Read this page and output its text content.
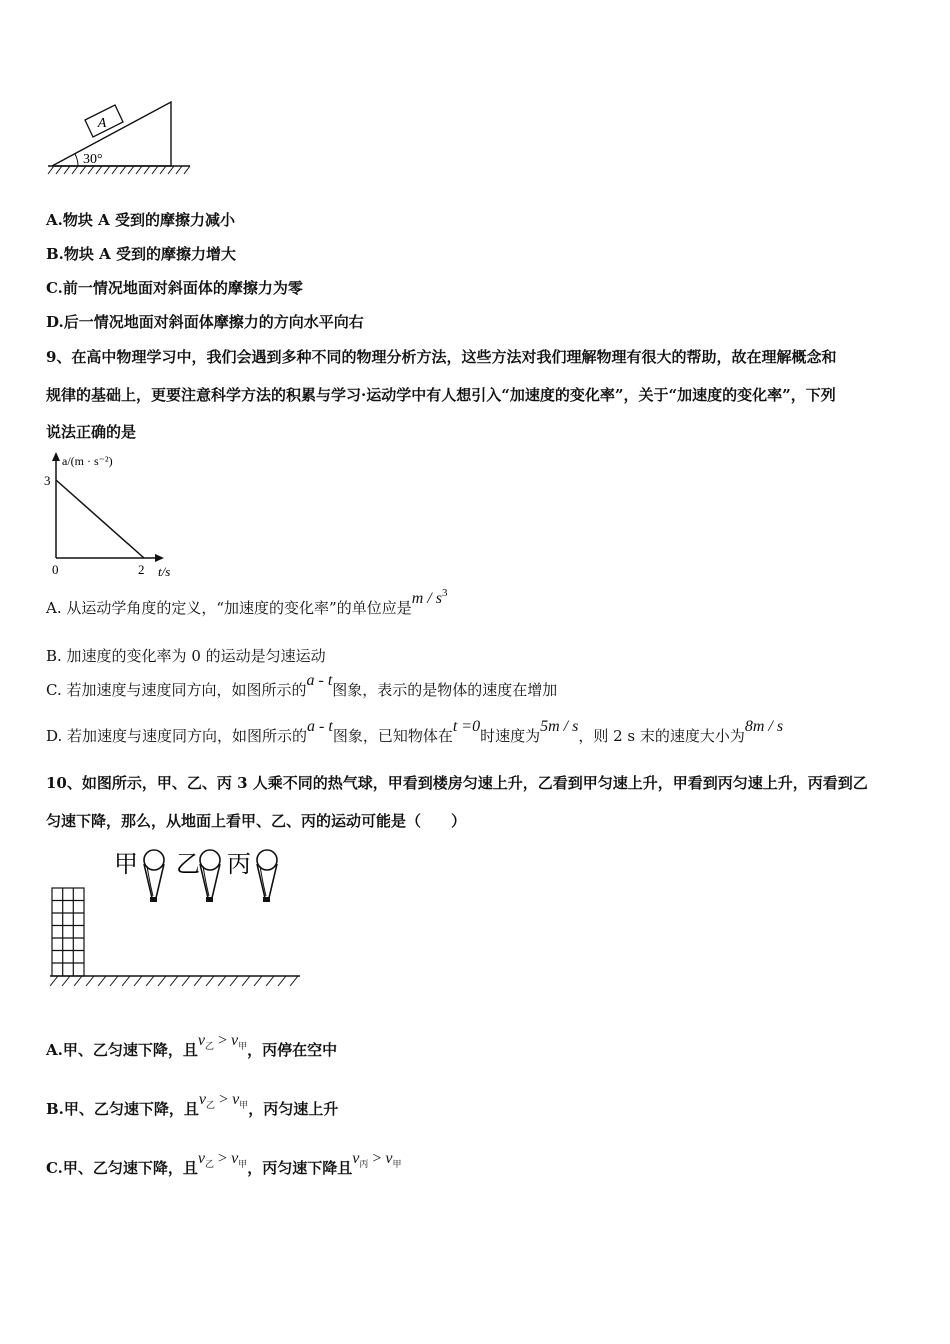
A
30°
A.物块 A 受到的摩擦力减小
B.物块 A 受到的摩擦力增大
C.前一情况地面对斜面体的摩擦力为零
D.后一情况地面对斜面体摩擦力的方向水平向右
9、在高中物理学习中，我们会遇到多种不同的物理分析方法，这些方法对我们理解物理有很大的帮助，故在理解概念和
规律的基础上，更要注意科学方法的积累与学习·运动学中有人想引入“加速度的变化率”，关于“加速度的变化率”，下列
说法正确的是
a/(m · s⁻²)
3
0	2 t/s
A. 从运动学角度的定义，“加速度的变化率”的单位应是m / $s^3$
B. 加速度的变化率为 0 的运动是匀速运动
C. 若加速度与速度同方向，如图所示的a - t图象，表示的是物体的速度在增加
D. 若加速度与速度同方向，如图所示的a - t图象，已知物体在t =0时速度为5m / s，则 2 s 末的速度大小为8m / s
10、如图所示，甲、乙、丙 3 人乘不同的热气球，甲看到楼房匀速上升，乙看到甲匀速上升，甲看到丙匀速上升，丙看到乙
匀速下降，那么，从地面上看甲、乙、丙的运动可能是（　　）
甲 乙 丙
A.甲、乙匀速下降，且$v_乙 > v_甲$，丙停在空中
B.甲、乙匀速下降，且$v_乙 > v_甲$，丙匀速上升
C.甲、乙匀速下降，且$v_乙 > v_甲$，丙匀速下降且$v_丙 > v_甲$
